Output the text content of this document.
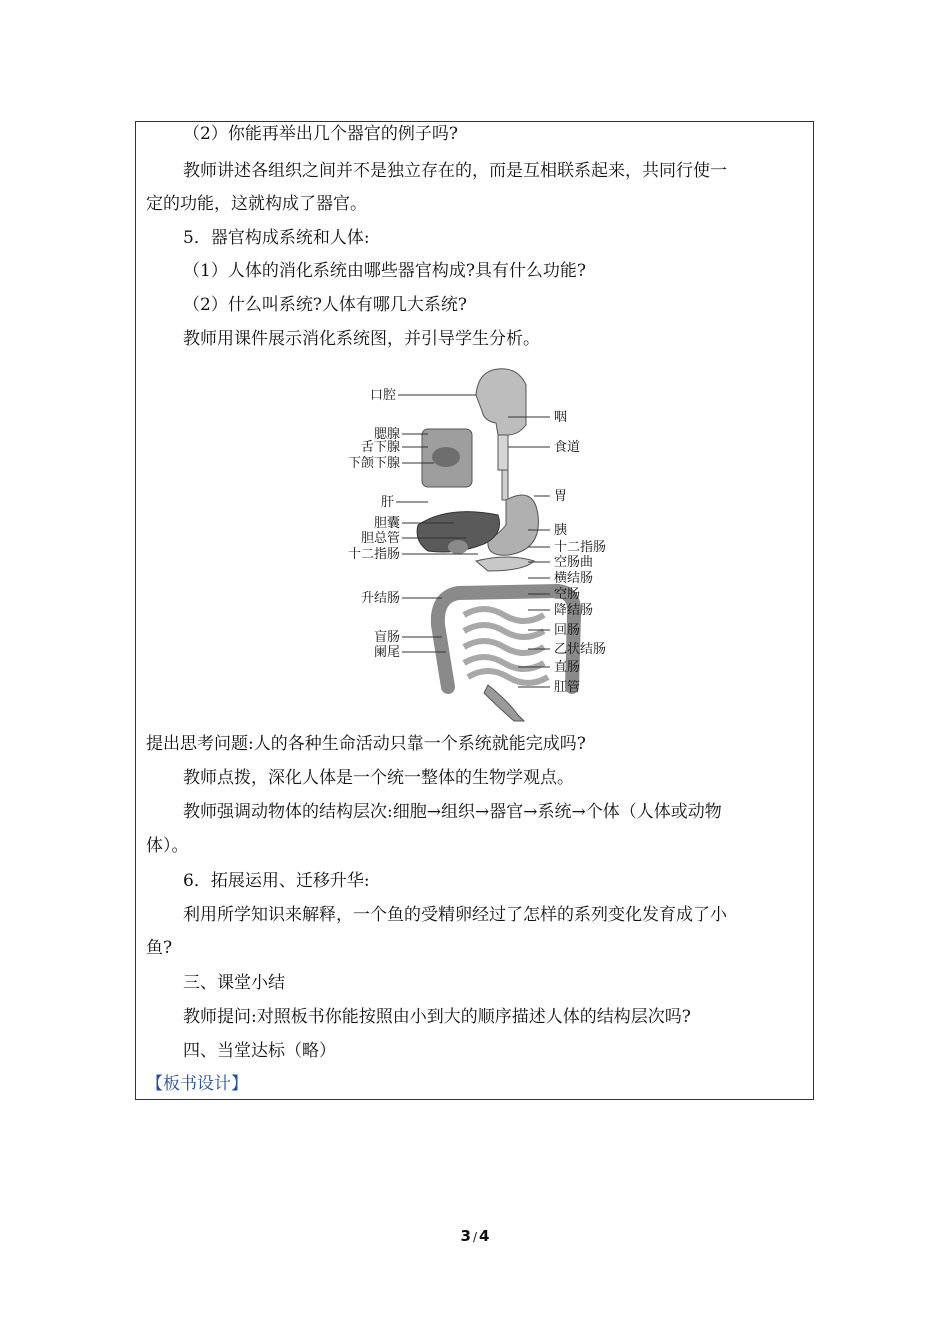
（2）你能再举出几个器官的例子吗?
教师讲述各组织之间并不是独立存在的，而是互相联系起来，共同行使一
定的功能，这就构成了器官。
5．器官构成系统和人体:
（1）人体的消化系统由哪些器官构成?具有什么功能?
（2）什么叫系统?人体有哪几大系统?
教师用课件展示消化系统图，并引导学生分析。
提出思考问题:人的各种生命活动只靠一个系统就能完成吗?
教师点拨，深化人体是一个统一整体的生物学观点。
教师强调动物体的结构层次:细胞→组织→器官→系统→个体（人体或动物
体）。
6．拓展运用、迁移升华:
利用所学知识来解释，一个鱼的受精卵经过了怎样的系列变化发育成了小
鱼?
三、课堂小结
教师提问:对照板书你能按照由小到大的顺序描述人体的结构层次吗?
四、当堂达标（略）
【板书设计】
口腔
腮腺
舌下腺
下颌下腺
肝
胆囊
胆总管
十二指肠
升结肠
盲肠
阑尾
咽
食道
胃
胰
十二指肠
空肠曲
横结肠
空肠
降结肠
回肠
乙状结肠
直肠
肛管
3 / 4
